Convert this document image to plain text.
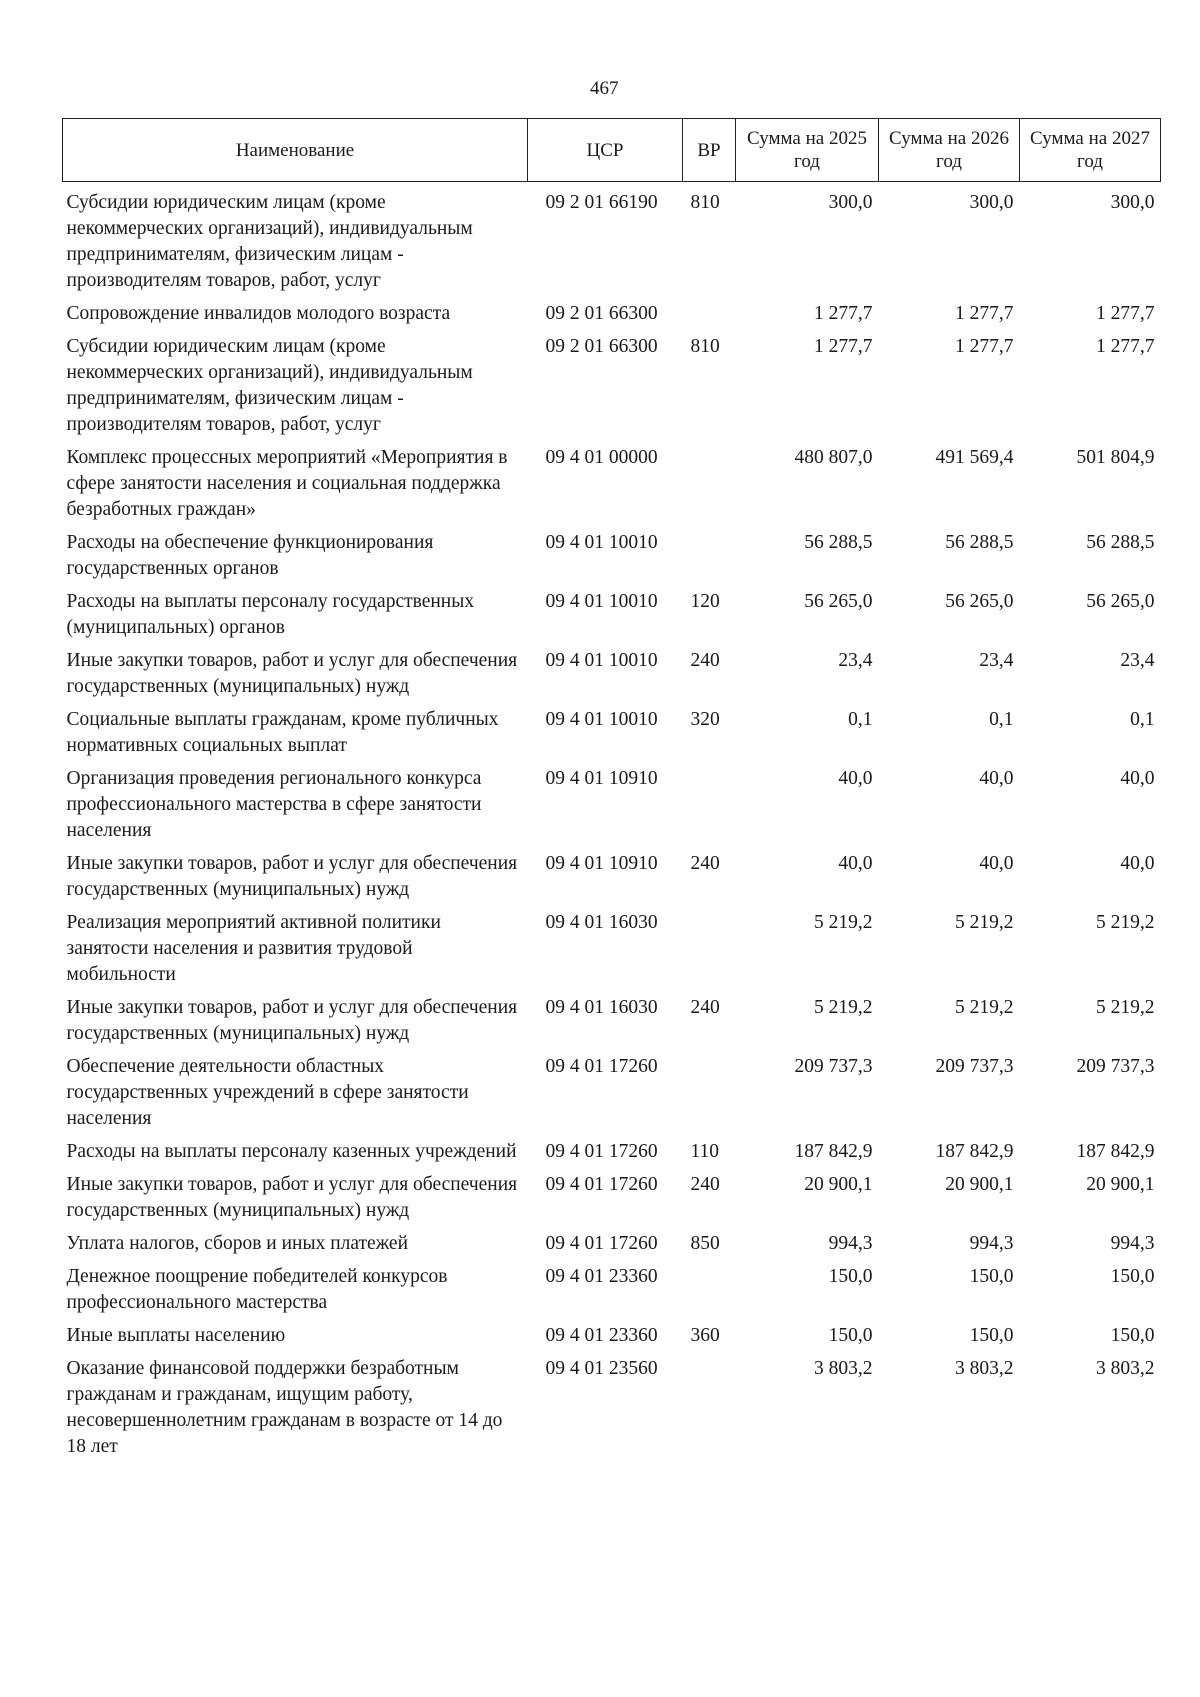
467
Наименование	ЦСР	ВР	Сумма на 2025 год	Сумма на 2026 год	Сумма на 2027 год
Субсидии юридическим лицам (кроме некоммерческих организаций), индивидуальным предпринимателям, физическим лицам - производителям товаров, работ, услуг	09 2 01 66190	810	300,0	300,0	300,0
Сопровождение инвалидов молодого возраста	09 2 01 66300		1 277,7	1 277,7	1 277,7
Субсидии юридическим лицам (кроме некоммерческих организаций), индивидуальным предпринимателям, физическим лицам - производителям товаров, работ, услуг	09 2 01 66300	810	1 277,7	1 277,7	1 277,7
Комплекс процессных мероприятий «Мероприятия в сфере занятости населения и социальная поддержка безработных граждан»	09 4 01 00000		480 807,0	491 569,4	501 804,9
Расходы на обеспечение функционирования государственных органов	09 4 01 10010		56 288,5	56 288,5	56 288,5
Расходы на выплаты персоналу государственных (муниципальных) органов	09 4 01 10010	120	56 265,0	56 265,0	56 265,0
Иные закупки товаров, работ и услуг для обеспечения государственных (муниципальных) нужд	09 4 01 10010	240	23,4	23,4	23,4
Социальные выплаты гражданам, кроме публичных нормативных социальных выплат	09 4 01 10010	320	0,1	0,1	0,1
Организация проведения регионального конкурса профессионального мастерства в сфере занятости населения	09 4 01 10910		40,0	40,0	40,0
Иные закупки товаров, работ и услуг для обеспечения государственных (муниципальных) нужд	09 4 01 10910	240	40,0	40,0	40,0
Реализация мероприятий активной политики занятости населения и развития трудовой мобильности	09 4 01 16030		5 219,2	5 219,2	5 219,2
Иные закупки товаров, работ и услуг для обеспечения государственных (муниципальных) нужд	09 4 01 16030	240	5 219,2	5 219,2	5 219,2
Обеспечение деятельности областных государственных учреждений в сфере занятости населения	09 4 01 17260		209 737,3	209 737,3	209 737,3
Расходы на выплаты персоналу казенных учреждений	09 4 01 17260	110	187 842,9	187 842,9	187 842,9
Иные закупки товаров, работ и услуг для обеспечения государственных (муниципальных) нужд	09 4 01 17260	240	20 900,1	20 900,1	20 900,1
Уплата налогов, сборов и иных платежей	09 4 01 17260	850	994,3	994,3	994,3
Денежное поощрение победителей конкурсов профессионального мастерства	09 4 01 23360		150,0	150,0	150,0
Иные выплаты населению	09 4 01 23360	360	150,0	150,0	150,0
Оказание финансовой поддержки безработным гражданам и гражданам, ищущим работу, несовершеннолетним гражданам в возрасте от 14 до 18 лет	09 4 01 23560		3 803,2	3 803,2	3 803,2
